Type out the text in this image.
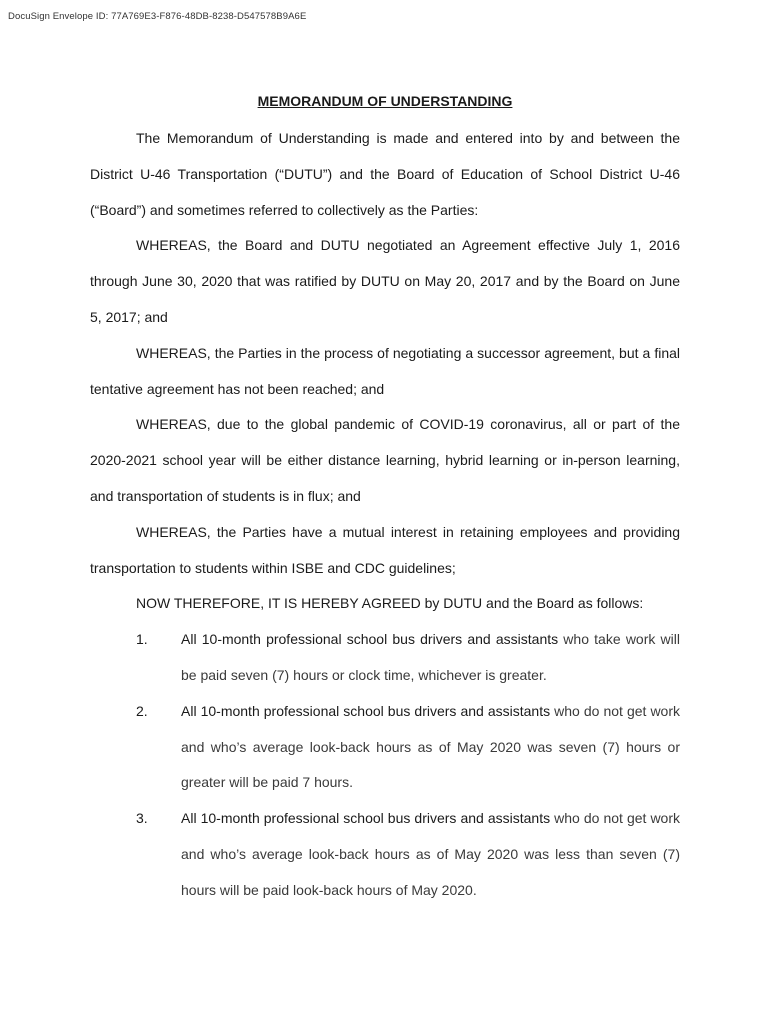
DocuSign Envelope ID: 77A769E3-F876-48DB-8238-D547578B9A6E
MEMORANDUM OF UNDERSTANDING

The Memorandum of Understanding is made and entered into by and between the District U-46 Transportation (“DUTU”) and the Board of Education of School District U-46 (“Board”) and sometimes referred to collectively as the Parties:

WHEREAS, the Board and DUTU negotiated an Agreement effective July 1, 2016 through June 30, 2020 that was ratified by DUTU on May 20, 2017 and by the Board on June 5, 2017; and

WHEREAS, the Parties in the process of negotiating a successor agreement, but a final tentative agreement has not been reached; and

WHEREAS, due to the global pandemic of COVID-19 coronavirus, all or part of the 2020-2021 school year will be either distance learning, hybrid learning or in-person learning, and transportation of students is in flux; and

WHEREAS, the Parties have a mutual interest in retaining employees and providing transportation to students within ISBE and CDC guidelines;

NOW THEREFORE, IT IS HEREBY AGREED by DUTU and the Board as follows:

1. All 10-month professional school bus drivers and assistants who take work will be paid seven (7) hours or clock time, whichever is greater.
2. All 10-month professional school bus drivers and assistants who do not get work and who’s average look-back hours as of May 2020 was seven (7) hours or greater will be paid 7 hours.
3. All 10-month professional school bus drivers and assistants who do not get work and who’s average look-back hours as of May 2020 was less than seven (7) hours will be paid look-back hours of May 2020.
